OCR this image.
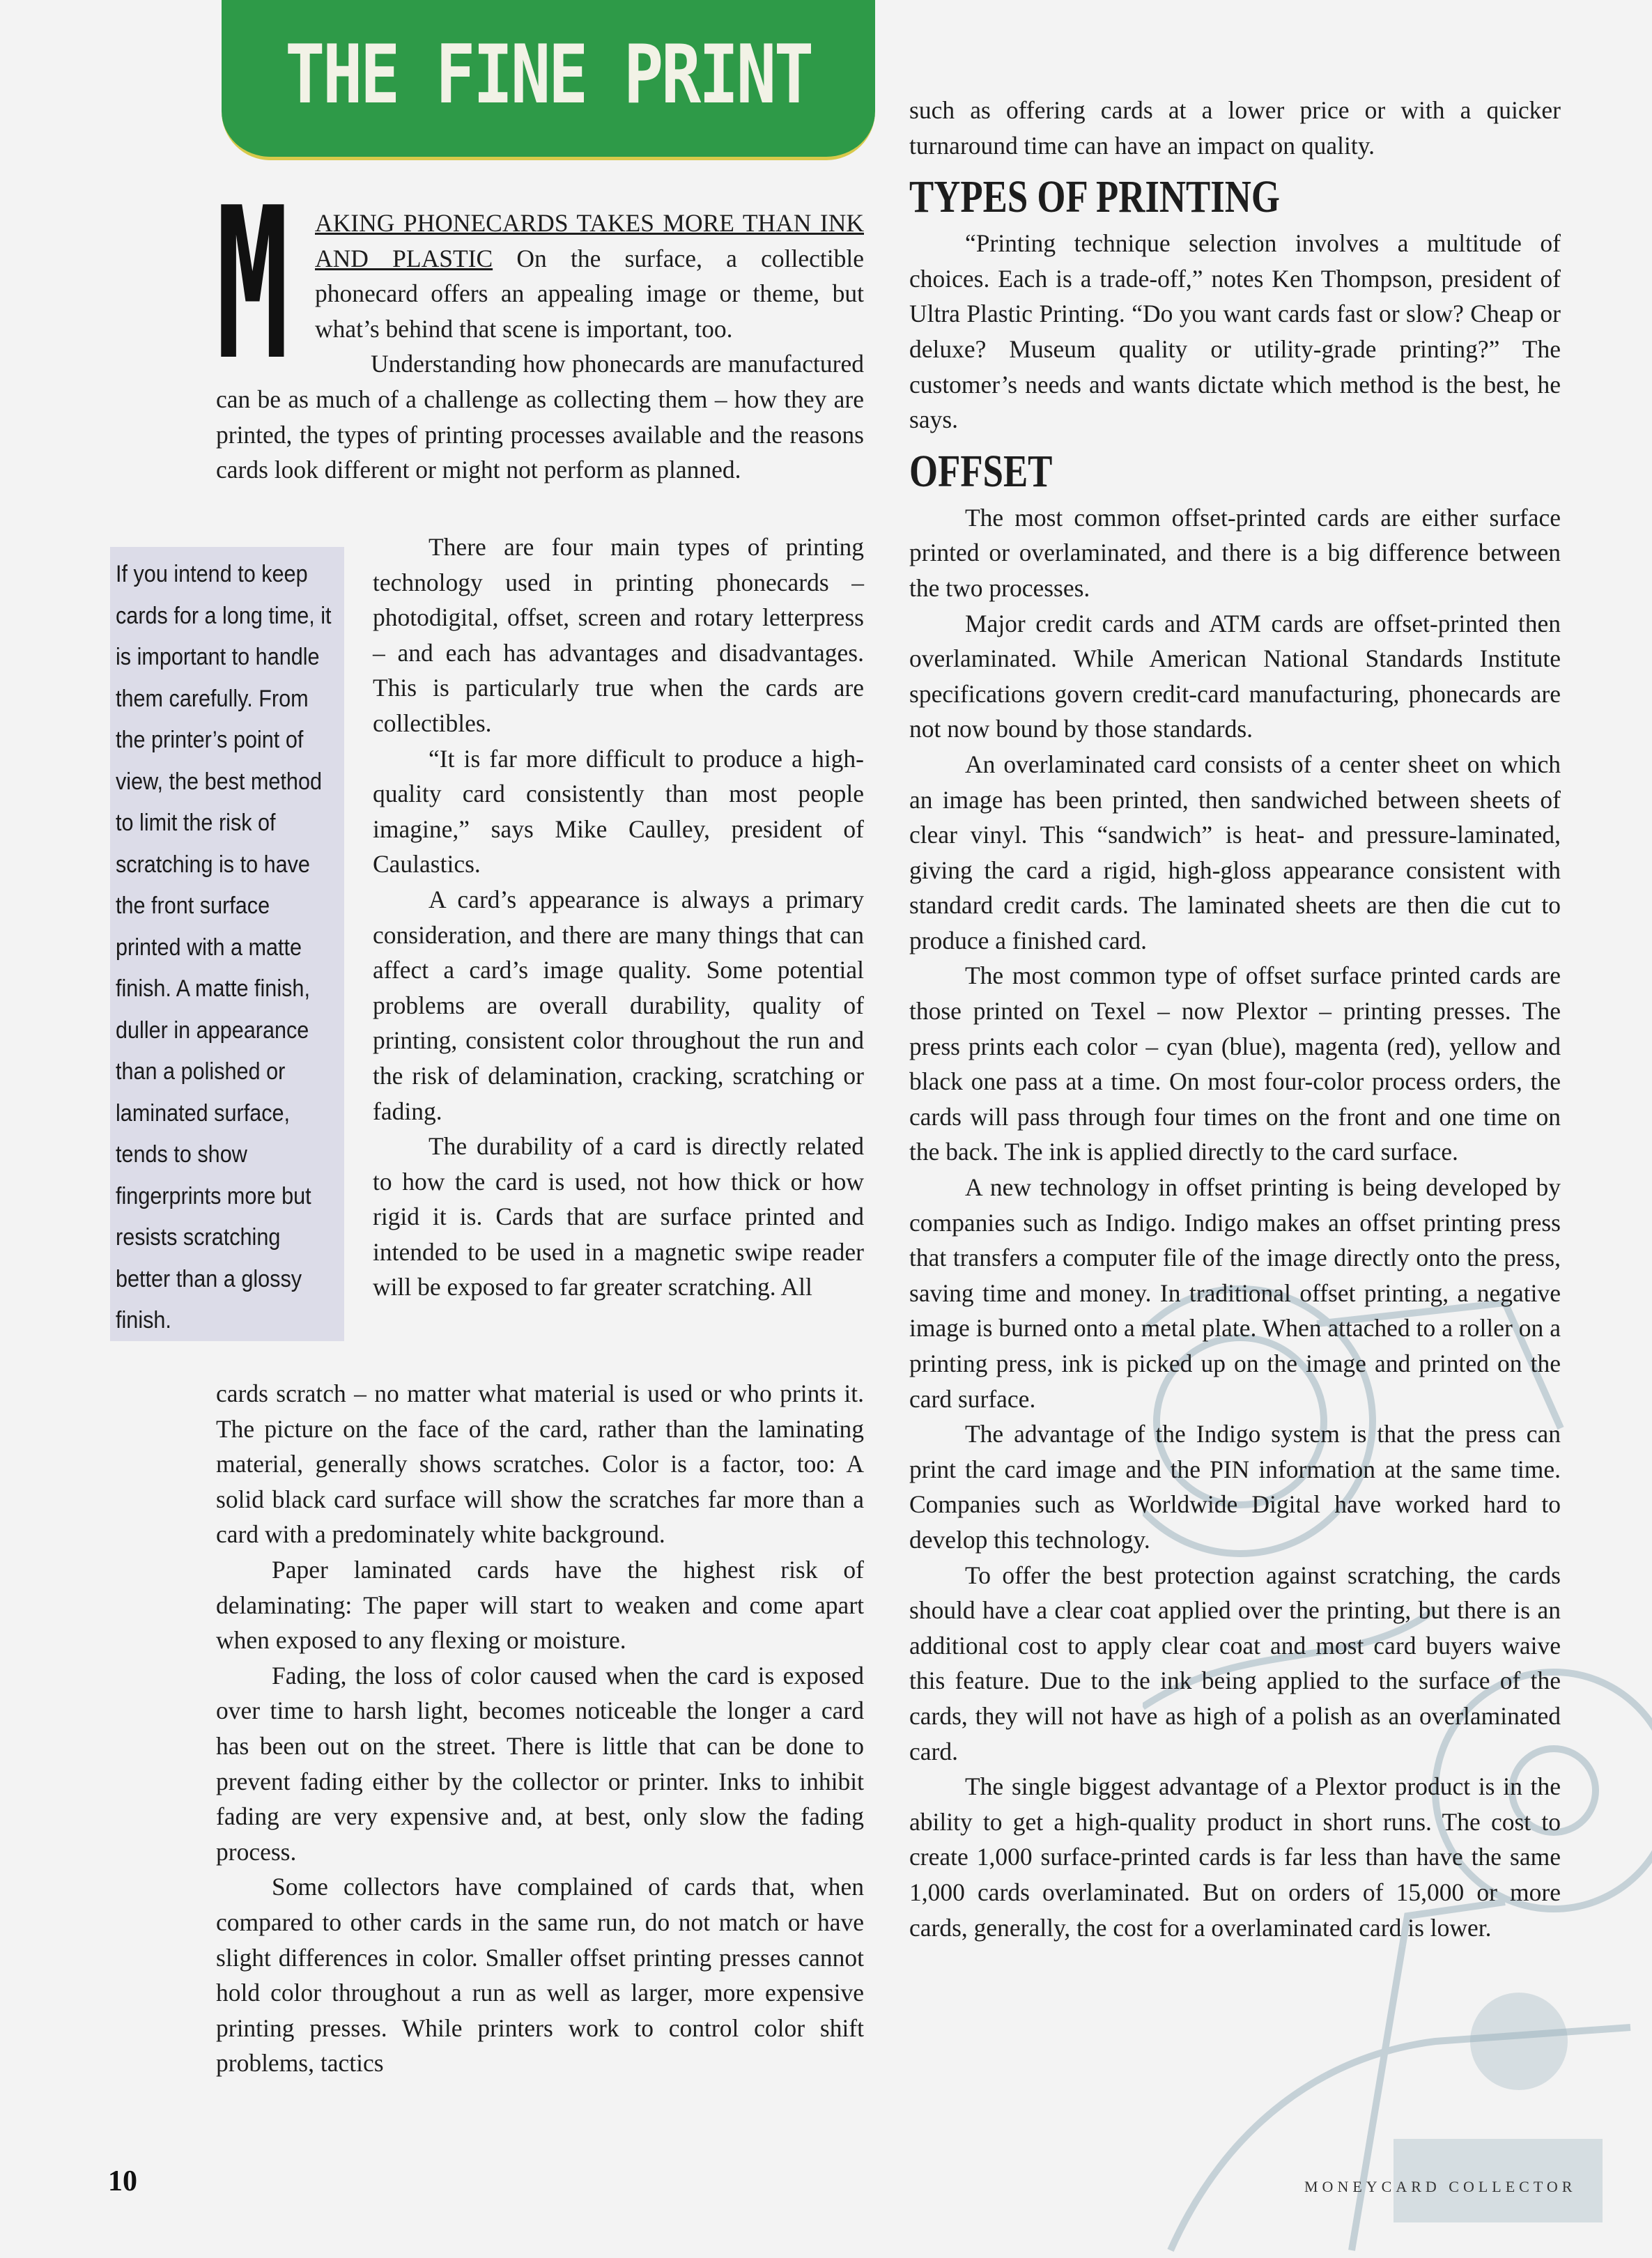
THE FINE PRINT

M AKING PHONECARDS TAKES MORE THAN INK AND PLASTIC On the surface, a collectible phonecard offers an appealing image or theme, but what’s behind that scene is important, too.

Understanding how phonecards are manufactured can be as much of a challenge as collecting them – how they are printed, the types of printing processes available and the reasons cards look different or might not perform as planned.

If you intend to keep cards for a long time, it is important to handle them carefully. From the printer’s point of view, the best method to limit the risk of scratching is to have the front surface printed with a matte finish. A matte finish, duller in appearance than a polished or laminated surface, tends to show fingerprints more but resists scratching better than a glossy finish.

There are four main types of printing technology used in printing phonecards – photodigital, offset, screen and rotary letterpress – and each has advantages and disadvantages. This is particularly true when the cards are collectibles.

“It is far more difficult to produce a high-quality card consistently than most people imagine,” says Mike Caulley, president of Caulastics.

A card’s appearance is always a primary consideration, and there are many things that can affect a card’s image quality. Some potential problems are overall durability, quality of printing, consistent color throughout the run and the risk of delamination, cracking, scratching or fading.

The durability of a card is directly related to how the card is used, not how thick or how rigid it is. Cards that are surface printed and intended to be used in a magnetic swipe reader will be exposed to far greater scratching. All

cards scratch – no matter what material is used or who prints it. The picture on the face of the card, rather than the laminating material, generally shows scratches. Color is a factor, too: A solid black card surface will show the scratches far more than a card with a predominately white background.

Paper laminated cards have the highest risk of delaminating: The paper will start to weaken and come apart when exposed to any flexing or moisture.

Fading, the loss of color caused when the card is exposed over time to harsh light, becomes noticeable the longer a card has been out on the street. There is little that can be done to prevent fading either by the collector or printer. Inks to inhibit fading are very expensive and, at best, only slow the fading process.

Some collectors have complained of cards that, when compared to other cards in the same run, do not match or have slight differences in color. Smaller offset printing presses cannot hold color throughout a run as well as larger, more expensive printing presses. While printers work to control color shift problems, tactics

such as offering cards at a lower price or with a quicker turnaround time can have an impact on quality.

TYPES OF PRINTING

“Printing technique selection involves a multitude of choices. Each is a trade-off,” notes Ken Thompson, president of Ultra Plastic Printing. “Do you want cards fast or slow? Cheap or deluxe? Museum quality or utility-grade printing?” The customer’s needs and wants dictate which method is the best, he says.

OFFSET

The most common offset-printed cards are either surface printed or overlaminated, and there is a big difference between the two processes.

Major credit cards and ATM cards are offset-printed then overlaminated. While American National Standards Institute specifications govern credit-card manufacturing, phonecards are not now bound by those standards.

An overlaminated card consists of a center sheet on which an image has been printed, then sandwiched between sheets of clear vinyl. This “sandwich” is heat- and pressure-laminated, giving the card a rigid, high-gloss appearance consistent with standard credit cards. The laminated sheets are then die cut to produce a finished card.

The most common type of offset surface printed cards are those printed on Texel – now Plextor – printing presses. The press prints each color – cyan (blue), magenta (red), yellow and black one pass at a time. On most four-color process orders, the cards will pass through four times on the front and one time on the back. The ink is applied directly to the card surface.

A new technology in offset printing is being developed by companies such as Indigo. Indigo makes an offset printing press that transfers a computer file of the image directly onto the press, saving time and money. In traditional offset printing, a negative image is burned onto a metal plate. When attached to a roller on a printing press, ink is picked up on the image and printed on the card surface.

The advantage of the Indigo system is that the press can print the card image and the PIN information at the same time. Companies such as Worldwide Digital have worked hard to develop this technology.

To offer the best protection against scratching, the cards should have a clear coat applied over the printing, but there is an additional cost to apply clear coat and most card buyers waive this feature. Due to the ink being applied to the surface of the cards, they will not have as high of a polish as an overlaminated card.

The single biggest advantage of a Plextor product is in the ability to get a high-quality product in short runs. The cost to create 1,000 surface-printed cards is far less than have the same 1,000 cards overlaminated. But on orders of 15,000 or more cards, generally, the cost for a overlaminated card is lower.

10	MONEYCARD COLLECTOR
